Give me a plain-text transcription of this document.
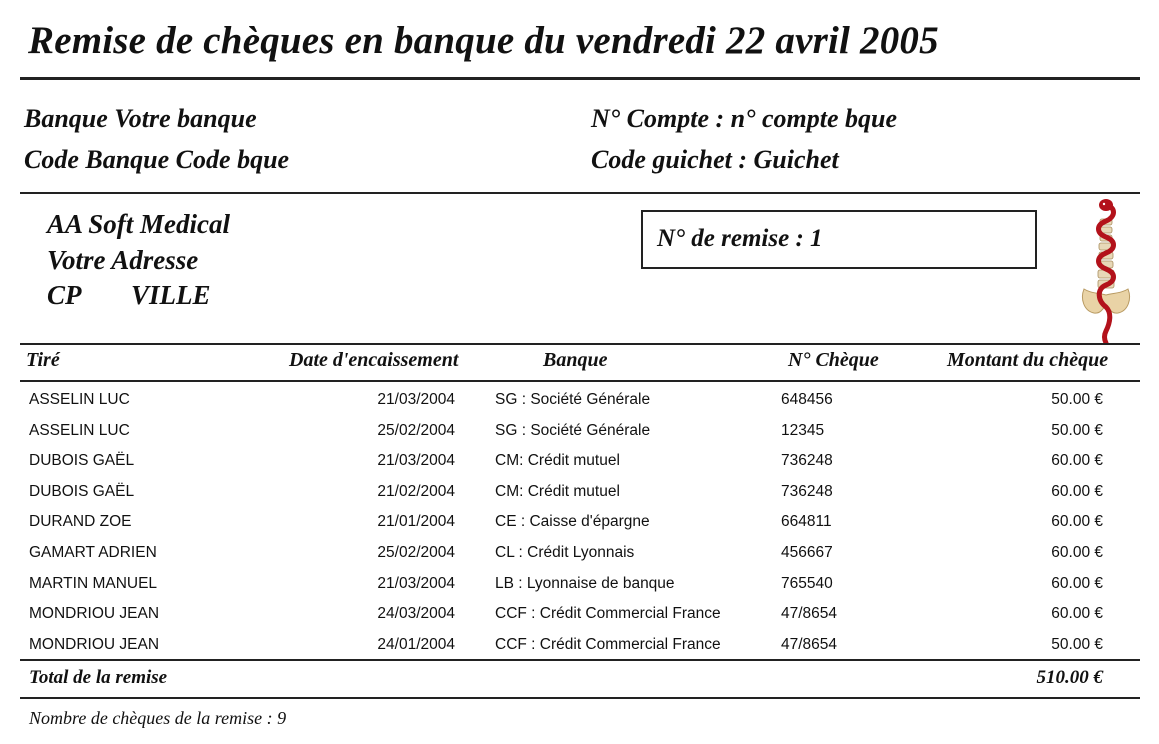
Remise de chèques en banque du vendredi 22 avril 2005
Banque Votre banque
Code Banque Code bque
N° Compte : n° compte bque
Code guichet : Guichet
AA Soft Medical
Votre Adresse
CP VILLE
N° de remise : 1
Tiré	Date d'encaissement	Banque	N° Chèque	Montant du chèque
ASSELIN LUC	21/03/2004	SG : Société Générale	648456	50.00 €
ASSELIN LUC	25/02/2004	SG : Société Générale	12345	50.00 €
DUBOIS GAËL	21/03/2004	CM: Crédit mutuel	736248	60.00 €
DUBOIS GAËL	21/02/2004	CM: Crédit mutuel	736248	60.00 €
DURAND ZOE	21/01/2004	CE : Caisse d'épargne	664811	60.00 €
GAMART ADRIEN	25/02/2004	CL : Crédit Lyonnais	456667	60.00 €
MARTIN MANUEL	21/03/2004	LB : Lyonnaise de banque	765540	60.00 €
MONDRIOU JEAN	24/03/2004	CCF : Crédit Commercial France	47/8654	60.00 €
MONDRIOU JEAN	24/01/2004	CCF : Crédit Commercial France	47/8654	50.00 €
Total de la remise	510.00 €
Nombre de chèques de la remise : 9
